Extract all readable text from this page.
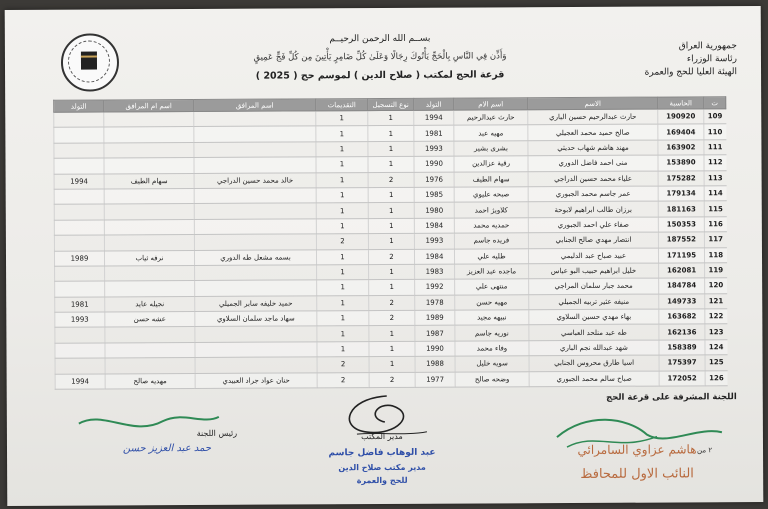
جمهورية العراق
رئاسة الوزراء
الهيئة العليا للحج والعمرة
بســم الله الرحمن الرحيــم
وَأَذِّن فِي النَّاسِ بِالْحَجِّ يَأْتُوكَ رِجَالًا وَعَلَىٰ كُلِّ ضَامِرٍ يَأْتِينَ مِن كُلِّ فَجٍّ عَمِيقٍ
قرعة الحج لمكتب ( صلاح الدين ) لموسم حج ( 2025 )
ت	الحاسبة	الاسم	اسم الام	التولد	نوع التسجيل	التقديمات	اسم المرافق	اسم ام المرافق	التولد
109	190920	حارث عبدالرحيم حسين الباري	حارث عبدالرحيم	1994	1	1			
110	169404	صالح حميد محمد العجيلي	مهيه عبد	1981	1	1			
111	163902	مهند هاشم شهاب حديثي	بشرى بشير	1993	1	1			
112	153890	منى احمد فاضل الدوري	رقية عزالدين	1990	1	1			
113	175282	علياء محمد حسين الدراجي	سهام الطيف	1976	2	1	خالد محمد حسين الدراجي	سهام الطيف	1994
114	179134	عمر جاسم محمد الجبوري	صبحه عليوي	1985	1	1			
115	181163	برزان طالب ابراهيم لابوحة	كلاويژ احمد	1980	1	1			
116	150353	صفاء علي احمد الجبوري	حمديه محمد	1984	1	1			
117	187552	انتصار مهدي صالح الجنابي	فريده جاسم	1993	1	2			
118	171195	عبيد صباح عبد الدليمي	طليه علي	1984	2	1	بسمه مشعل طه الدوري	نرفه ثياب	1989
119	162081	خليل ابراهيم حبيب البو عباس	ماجده عبد العزيز	1983	1	1			
120	184784	محمد جبار سلمان المراجي	منتهى علي	1992	1	1			
121	149733	منيفه عثير تربيه الجميلي	مهيه حسن	1978	2	1	حميد خليفه سابر الجميلي	نجيله عايد	1981
122	163682	بهاء مهدي حسين السلاوي	نبيهه مجيد	1989	2	1	سهاد ماجد سلمان السلاوي	عشه حسن	1993
123	162136	طه عبد منلحد العباسي	نوريه جاسم	1987	1	1			
124	158389	شهد عبدالله نجم الباري	وفاء محمد	1990	1	1			
125	175397	اسيا طارق محروس الجنابي	سويه خليل	1988	1	2			
126	172052	صباح سالم محمد الجبوري	وضحه صالح	1977	2	2	حنان عواد جراد العبيدي	مهديه صالح	1994
اللجنة المشرفة على قرعة الحج
هاشم عزاوي السامرائي
النائب الاول للمحافظ
٢ من
مدير المكتب
عبد الوهاب فاضل جاسم
مدير مكتب صلاح الدين
للحج والعمرة
رئيس اللجنة
حمد عبد العزيز حسن
